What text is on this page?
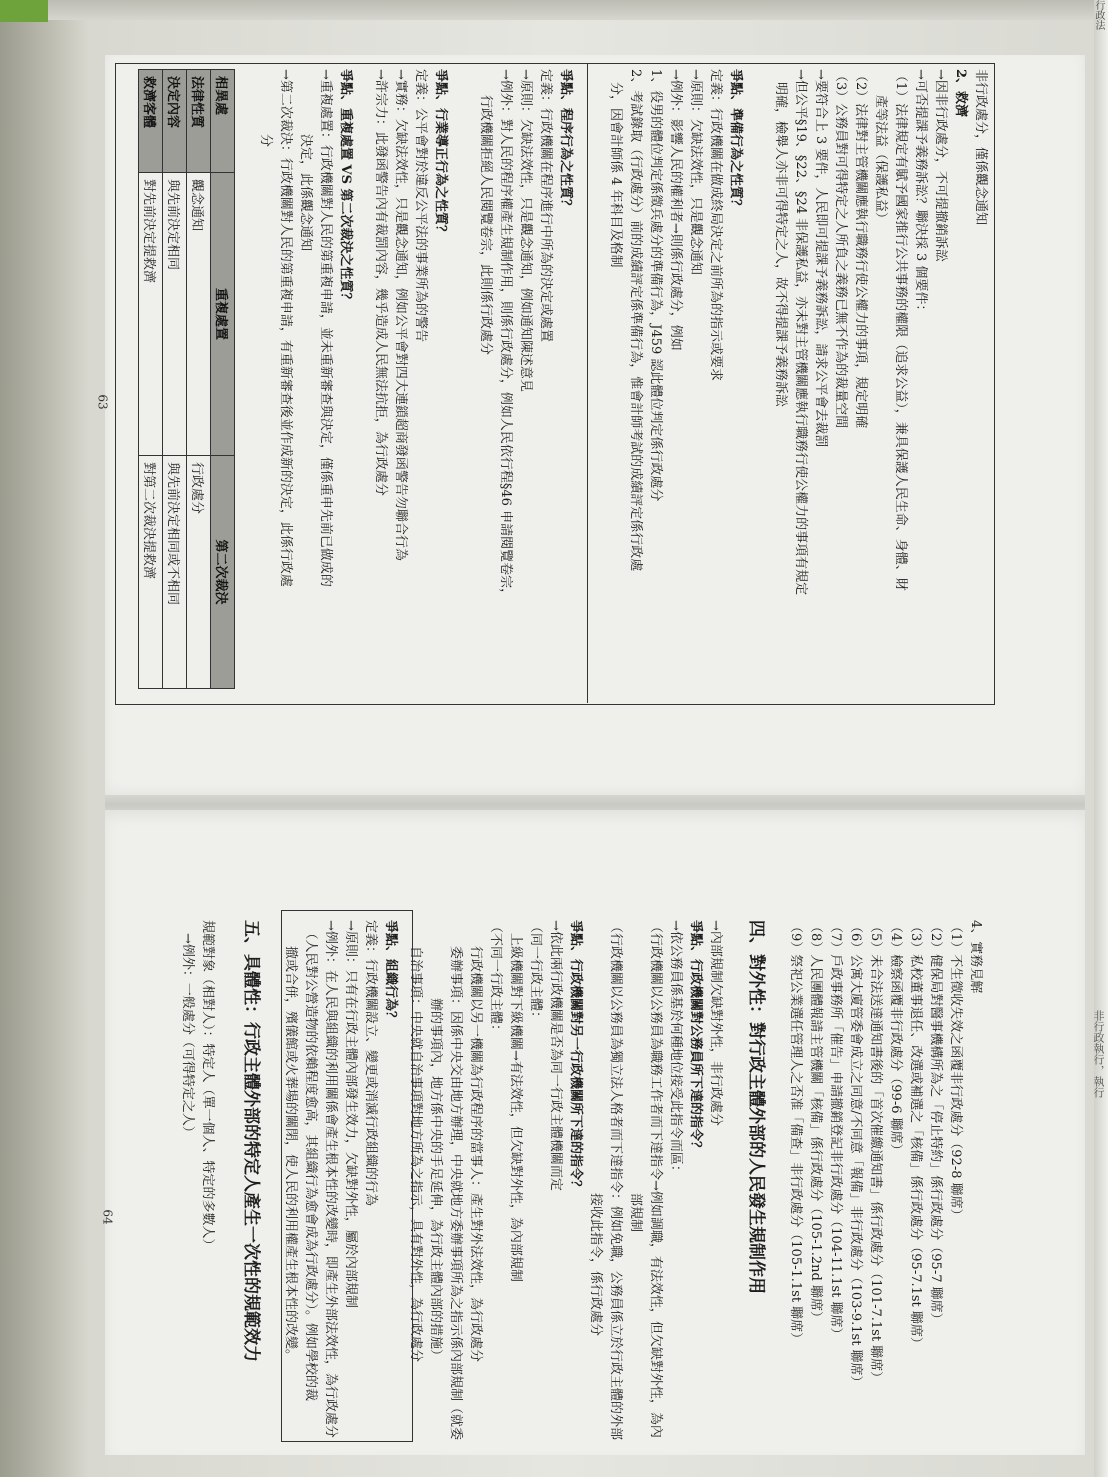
行政法
非行政執行，執行
非行政處分，僅係觀念通知
2、救濟
→因非行政處分，不可提撤銷訴訟
→可否提課予義務訴訟？聯決採 3 個要件：
（1）法律規定有賦予國家推行公共事務的權限（追求公益），兼具保護人民生命、身體、財
　　產等法益（保護私益）
（2）法律對主管機關應執行職務行使公權力的事項，規定明確
（3）公務員對可得特定之人所負之義務已無不作為的裁量空間
→要符合上 3 要件，人民即可提課予義務訴訟，請求公平會去裁罰
→但公平§19、§22、§24 非保護私益，亦未對主管機關應執行職務行使公權力的事項有規定
　明確，檢舉人亦非可得特定之人，故不得提課予義務訴訟
爭點、準備行為之性質？
定義：行政機關在做成終局決定之前所為的指示或要求
→原則：欠缺法效性，只是觀念通知
→例外：影響人民的權利者→則係行政處分，例如
1、役男的體位判定係徵兵處分的準備行為，J459 認此體位判定係行政處分
2、考試錄取（行政處分）前的成績評定係準備行為，惟會計師考試的成績評定係行政處
　分，因會計師係 4 年科目及格制
爭點、程序行為之性質？
定義：行政機關在程序進行中所為的決定或處置
→原則：欠缺法效性，只是觀念通知，例如通知陳述意見
→例外：對人民的程序權產生規制作用，則係行政處分，例如人民依行程§46 申請閱覽卷宗，
　　行政機關拒絕人民閱覽卷宗，此則係行政處分
爭點、行業導正行為之性質？
定義：公平會對於違反公平法的事業所為的警告
→實務：欠缺法效性，只是觀念通知，例如公平會對四大連鎖超商發函警告勿聯合行為
→許宗力：此發函警告內有裁罰內容，幾乎造成人民無法抗拒，為行政處分
爭點、重複處置 VS 第二次裁決之性質？
→重複處置：行政機關對人民的第重複申請，並未重新審查與決定，僅係重申先前已做成的
　　　　　決定，此係觀念通知
→第二次裁決：行政機關對人民的第重複申請，有重新審查後並作成新的決定，此係行政處
　　　　　分
相異處	重複處置	第二次裁決
法律性質	觀念通知	行政處分
決定內容	與先前決定相同	與先前決定相同或不相同
救濟客體	對先前決定提救濟	對第二次裁決提救濟
63
4、實務見解
（1）不生徵收失效之函覆非行政處分（92-8 聯席）
（2）健保局對醫事機構所為之「停止特約」係行政處分（95-7 聯席）
（3）私校董事退任、改選或補選之「核備」係行政處分（95-7.1st 聯席）
（4）檢察函覆非行政處分（99-6 聯席）
（5）未合法送達通知書後的「首次催繳通知書」係行政處分（101-7.1st 聯席）
（6）公寓大廈管委會成立之同意/不同意「報備」非行政處分（103-9.1st 聯席）
（7）戶政事務所「催告」申請撤銷登記非行政處分（104-11.1st 聯席）
（8）人民團體報請主管機關「核備」係行政處分（105-1.2nd 聯席）
（9）祭祀公業選任管理人之否准「備查」非行政處分（105-1.1st 聯席）
四、對外性：對行政主體外部的人民發生規制作用
→內部規制欠缺對外性，非行政處分
爭點、行政機關對公務員所下達的指令？
→依公務員係基於何種地位接受此指令而區：
（行政機關以公務員為職務工作者而下達指令→例如調職，有法效性，但欠缺對外性，為內
　　　　　　　　　　　　　　　　　　　　　部規制
（行政機關以公務員為獨立法人格者而下達指令：例如免職，公務員係立於行政主體的外部
　　　　　　　　　　　　　　　　　　　　　接收此指令，係行政處分
爭點、行政機關對另一行政機關所下達的指令？
→依此兩行政機關是否為同一行政主體機關而定
（同一行政主體：
　上級機關對下級機關→有法效性，但欠缺對外性，為內部規制
（不同一行政主體：
　　行政機關以另一機關為行政程序的當事人：產生對外法效性，為行政處分
　　委辦事項：因係中央交由地方辦理，中央就地方委辦事項所為之指示係內部規制（就委
　　　　　　辦的事項內，地方係中央的手足延伸，為行政主體內部的措施）
　　自治事項：中央就自治事項對地方所為之指示，具有對外性，為行政處分
爭點、組織行為？
定義：行政機關設立、變更或消滅行政組織的行為
→原則：只有在行政主體內部發生效力，欠缺對外性，屬於內部規制
→例外：在人民與組織的利用關係會產生根本性的改變時，即產生外部法效性，為行政處分
　（人民對公營造物的依賴程度愈高，其組織行為愈會成為行政處分）。例如學校的裁
　　撤或合併，殯儀館或火葬場的關閉，使人民的利用權產生根本性的改變。
五、具體性：行政主體外部的特定人產生一次性的規範效力
規範對象（相對人）：特定人（單一個人、特定的多數人）
　→例外：一般處分（可得特定之人）
64
